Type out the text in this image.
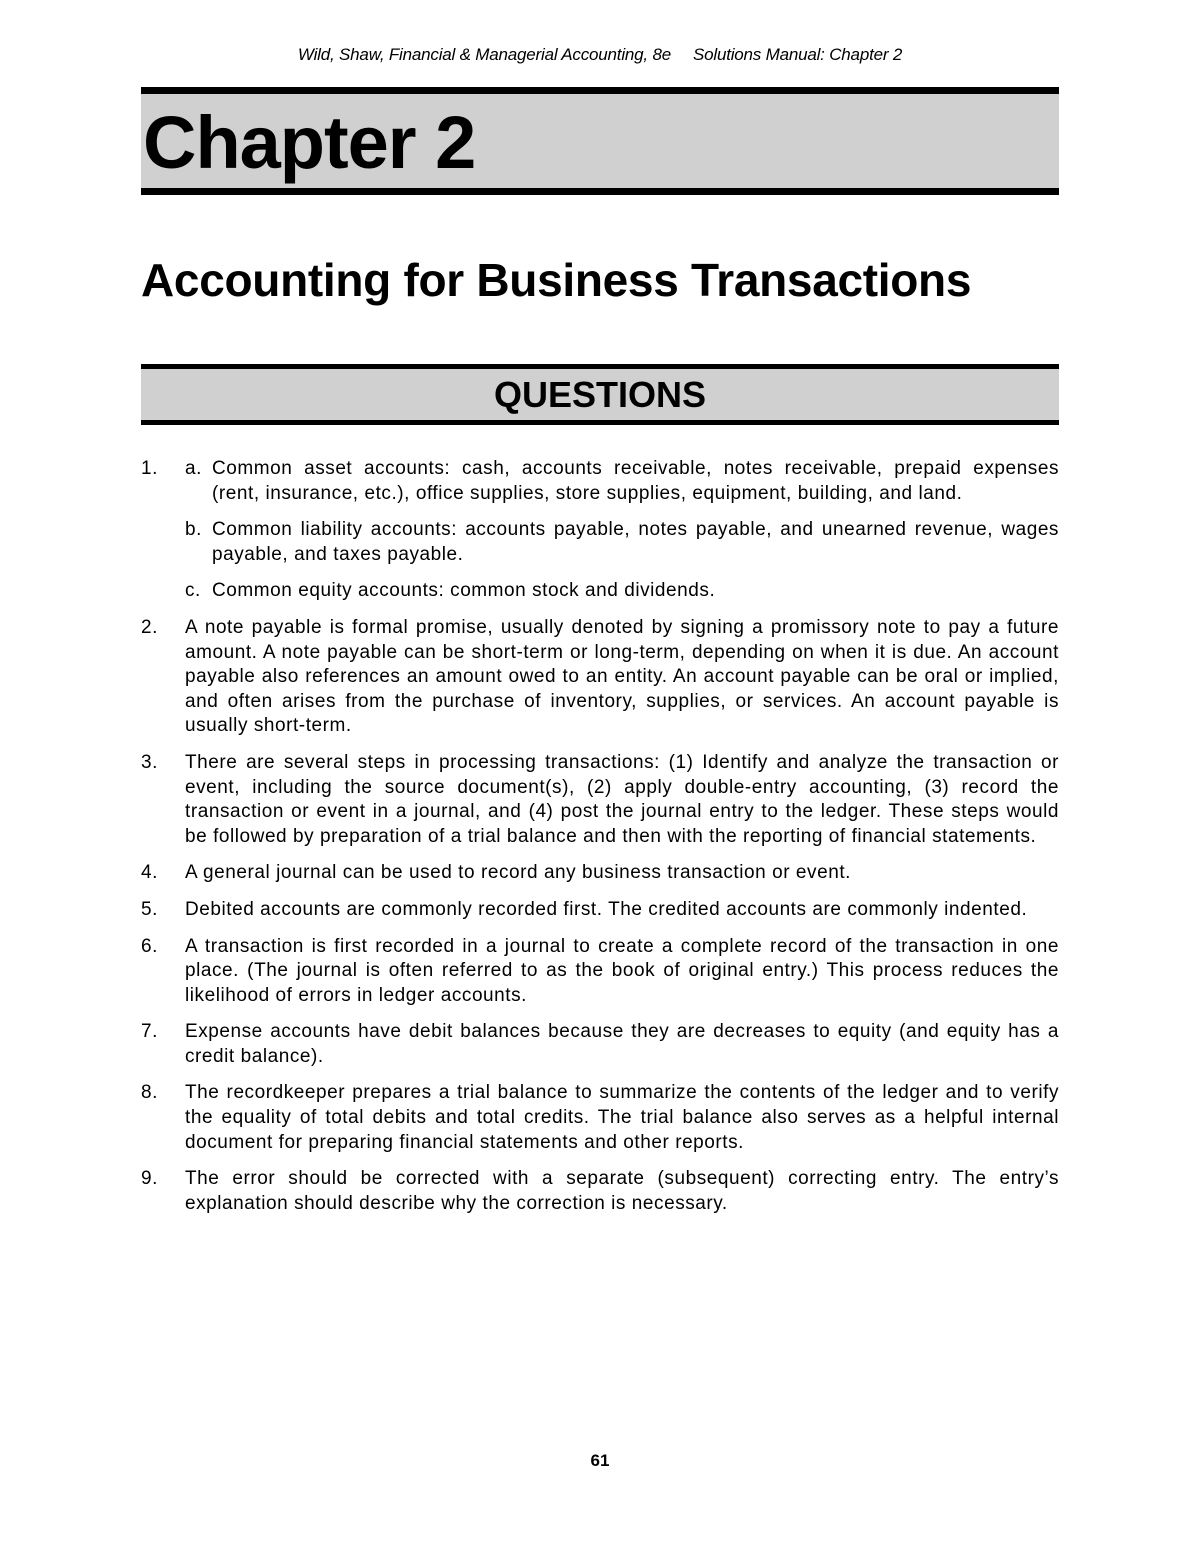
Wild, Shaw, Financial & Managerial Accounting, 8e Solutions Manual: Chapter 2
Chapter 2
Accounting for Business Transactions
QUESTIONS
1. a. Common asset accounts: cash, accounts receivable, notes receivable, prepaid expenses (rent, insurance, etc.), office supplies, store supplies, equipment, building, and land.
b. Common liability accounts: accounts payable, notes payable, and unearned revenue, wages payable, and taxes payable.
c. Common equity accounts: common stock and dividends.
2. A note payable is formal promise, usually denoted by signing a promissory note to pay a future amount. A note payable can be short-term or long-term, depending on when it is due. An account payable also references an amount owed to an entity. An account payable can be oral or implied, and often arises from the purchase of inventory, supplies, or services. An account payable is usually short-term.
3. There are several steps in processing transactions: (1) Identify and analyze the transaction or event, including the source document(s), (2) apply double-entry accounting, (3) record the transaction or event in a journal, and (4) post the journal entry to the ledger. These steps would be followed by preparation of a trial balance and then with the reporting of financial statements.
4. A general journal can be used to record any business transaction or event.
5. Debited accounts are commonly recorded first. The credited accounts are commonly indented.
6. A transaction is first recorded in a journal to create a complete record of the transaction in one place. (The journal is often referred to as the book of original entry.) This process reduces the likelihood of errors in ledger accounts.
7. Expense accounts have debit balances because they are decreases to equity (and equity has a credit balance).
8. The recordkeeper prepares a trial balance to summarize the contents of the ledger and to verify the equality of total debits and total credits. The trial balance also serves as a helpful internal document for preparing financial statements and other reports.
9. The error should be corrected with a separate (subsequent) correcting entry. The entry’s explanation should describe why the correction is necessary.
61
